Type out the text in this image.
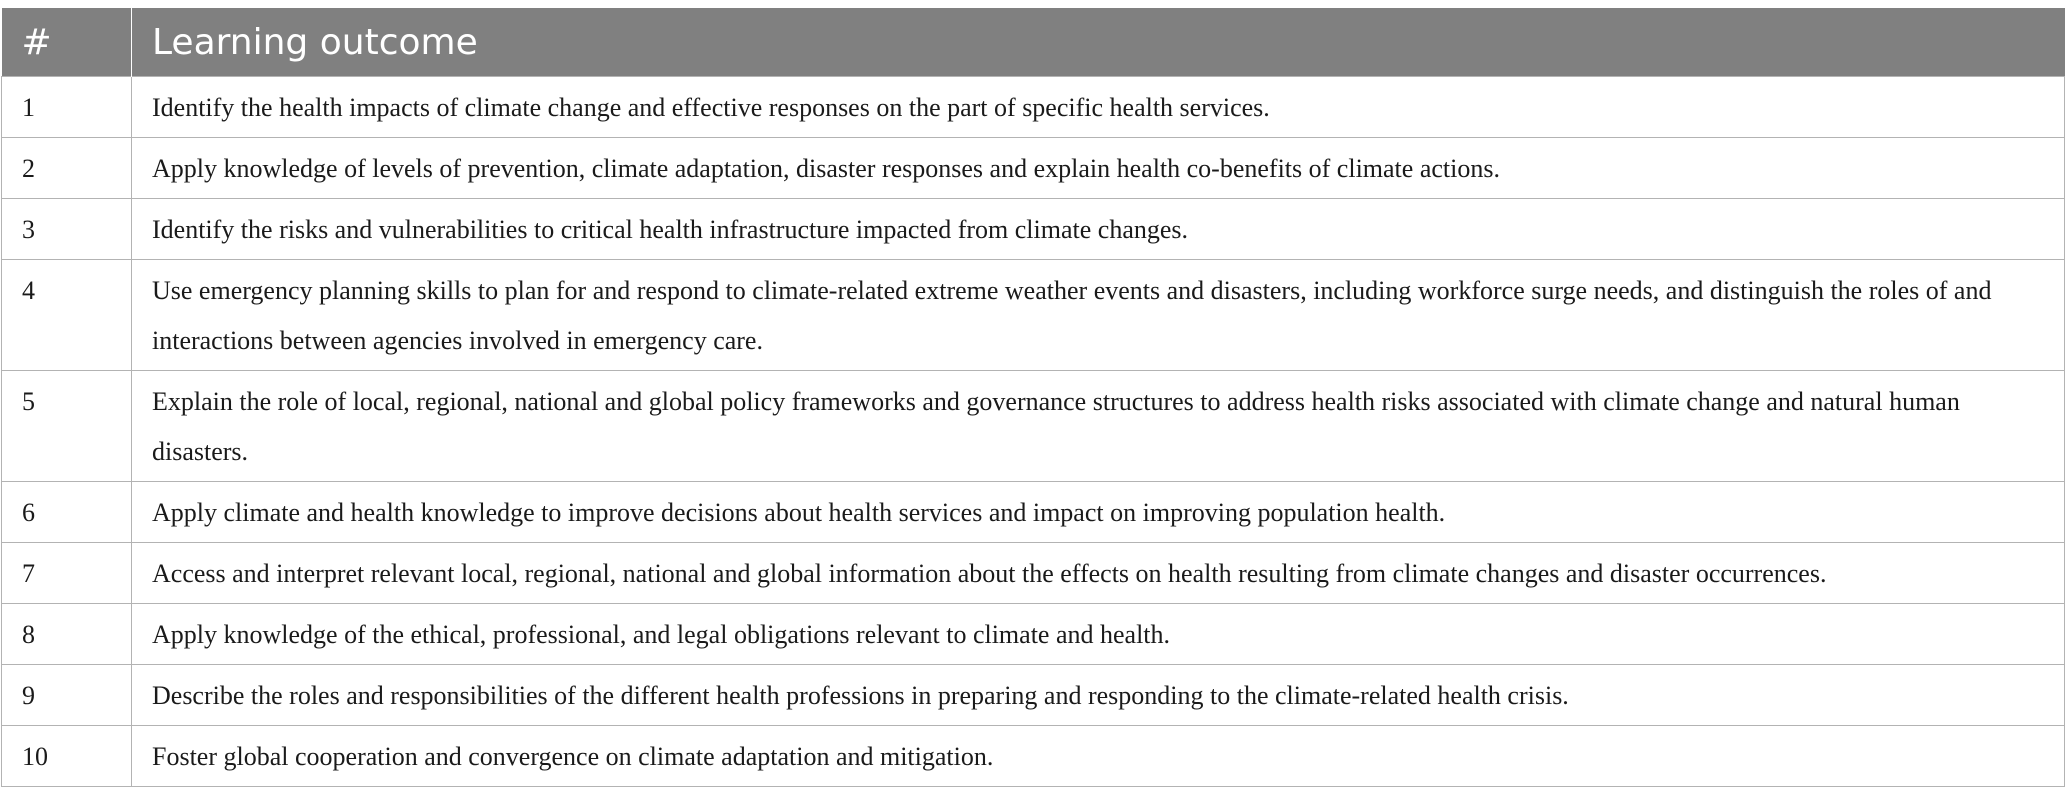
#	Learning outcome
1	Identify the health impacts of climate change and effective responses on the part of specific health services.
2	Apply knowledge of levels of prevention, climate adaptation, disaster responses and explain health co-benefits of climate actions.
3	Identify the risks and vulnerabilities to critical health infrastructure impacted from climate changes.
4	Use emergency planning skills to plan for and respond to climate-related extreme weather events and disasters, including workforce surge needs, and distinguish the roles of and interactions between agencies involved in emergency care.
5	Explain the role of local, regional, national and global policy frameworks and governance structures to address health risks associated with climate change and natural human disasters.
6	Apply climate and health knowledge to improve decisions about health services and impact on improving population health.
7	Access and interpret relevant local, regional, national and global information about the effects on health resulting from climate changes and disaster occurrences.
8	Apply knowledge of the ethical, professional, and legal obligations relevant to climate and health.
9	Describe the roles and responsibilities of the different health professions in preparing and responding to the climate-related health crisis.
10	Foster global cooperation and convergence on climate adaptation and mitigation.
